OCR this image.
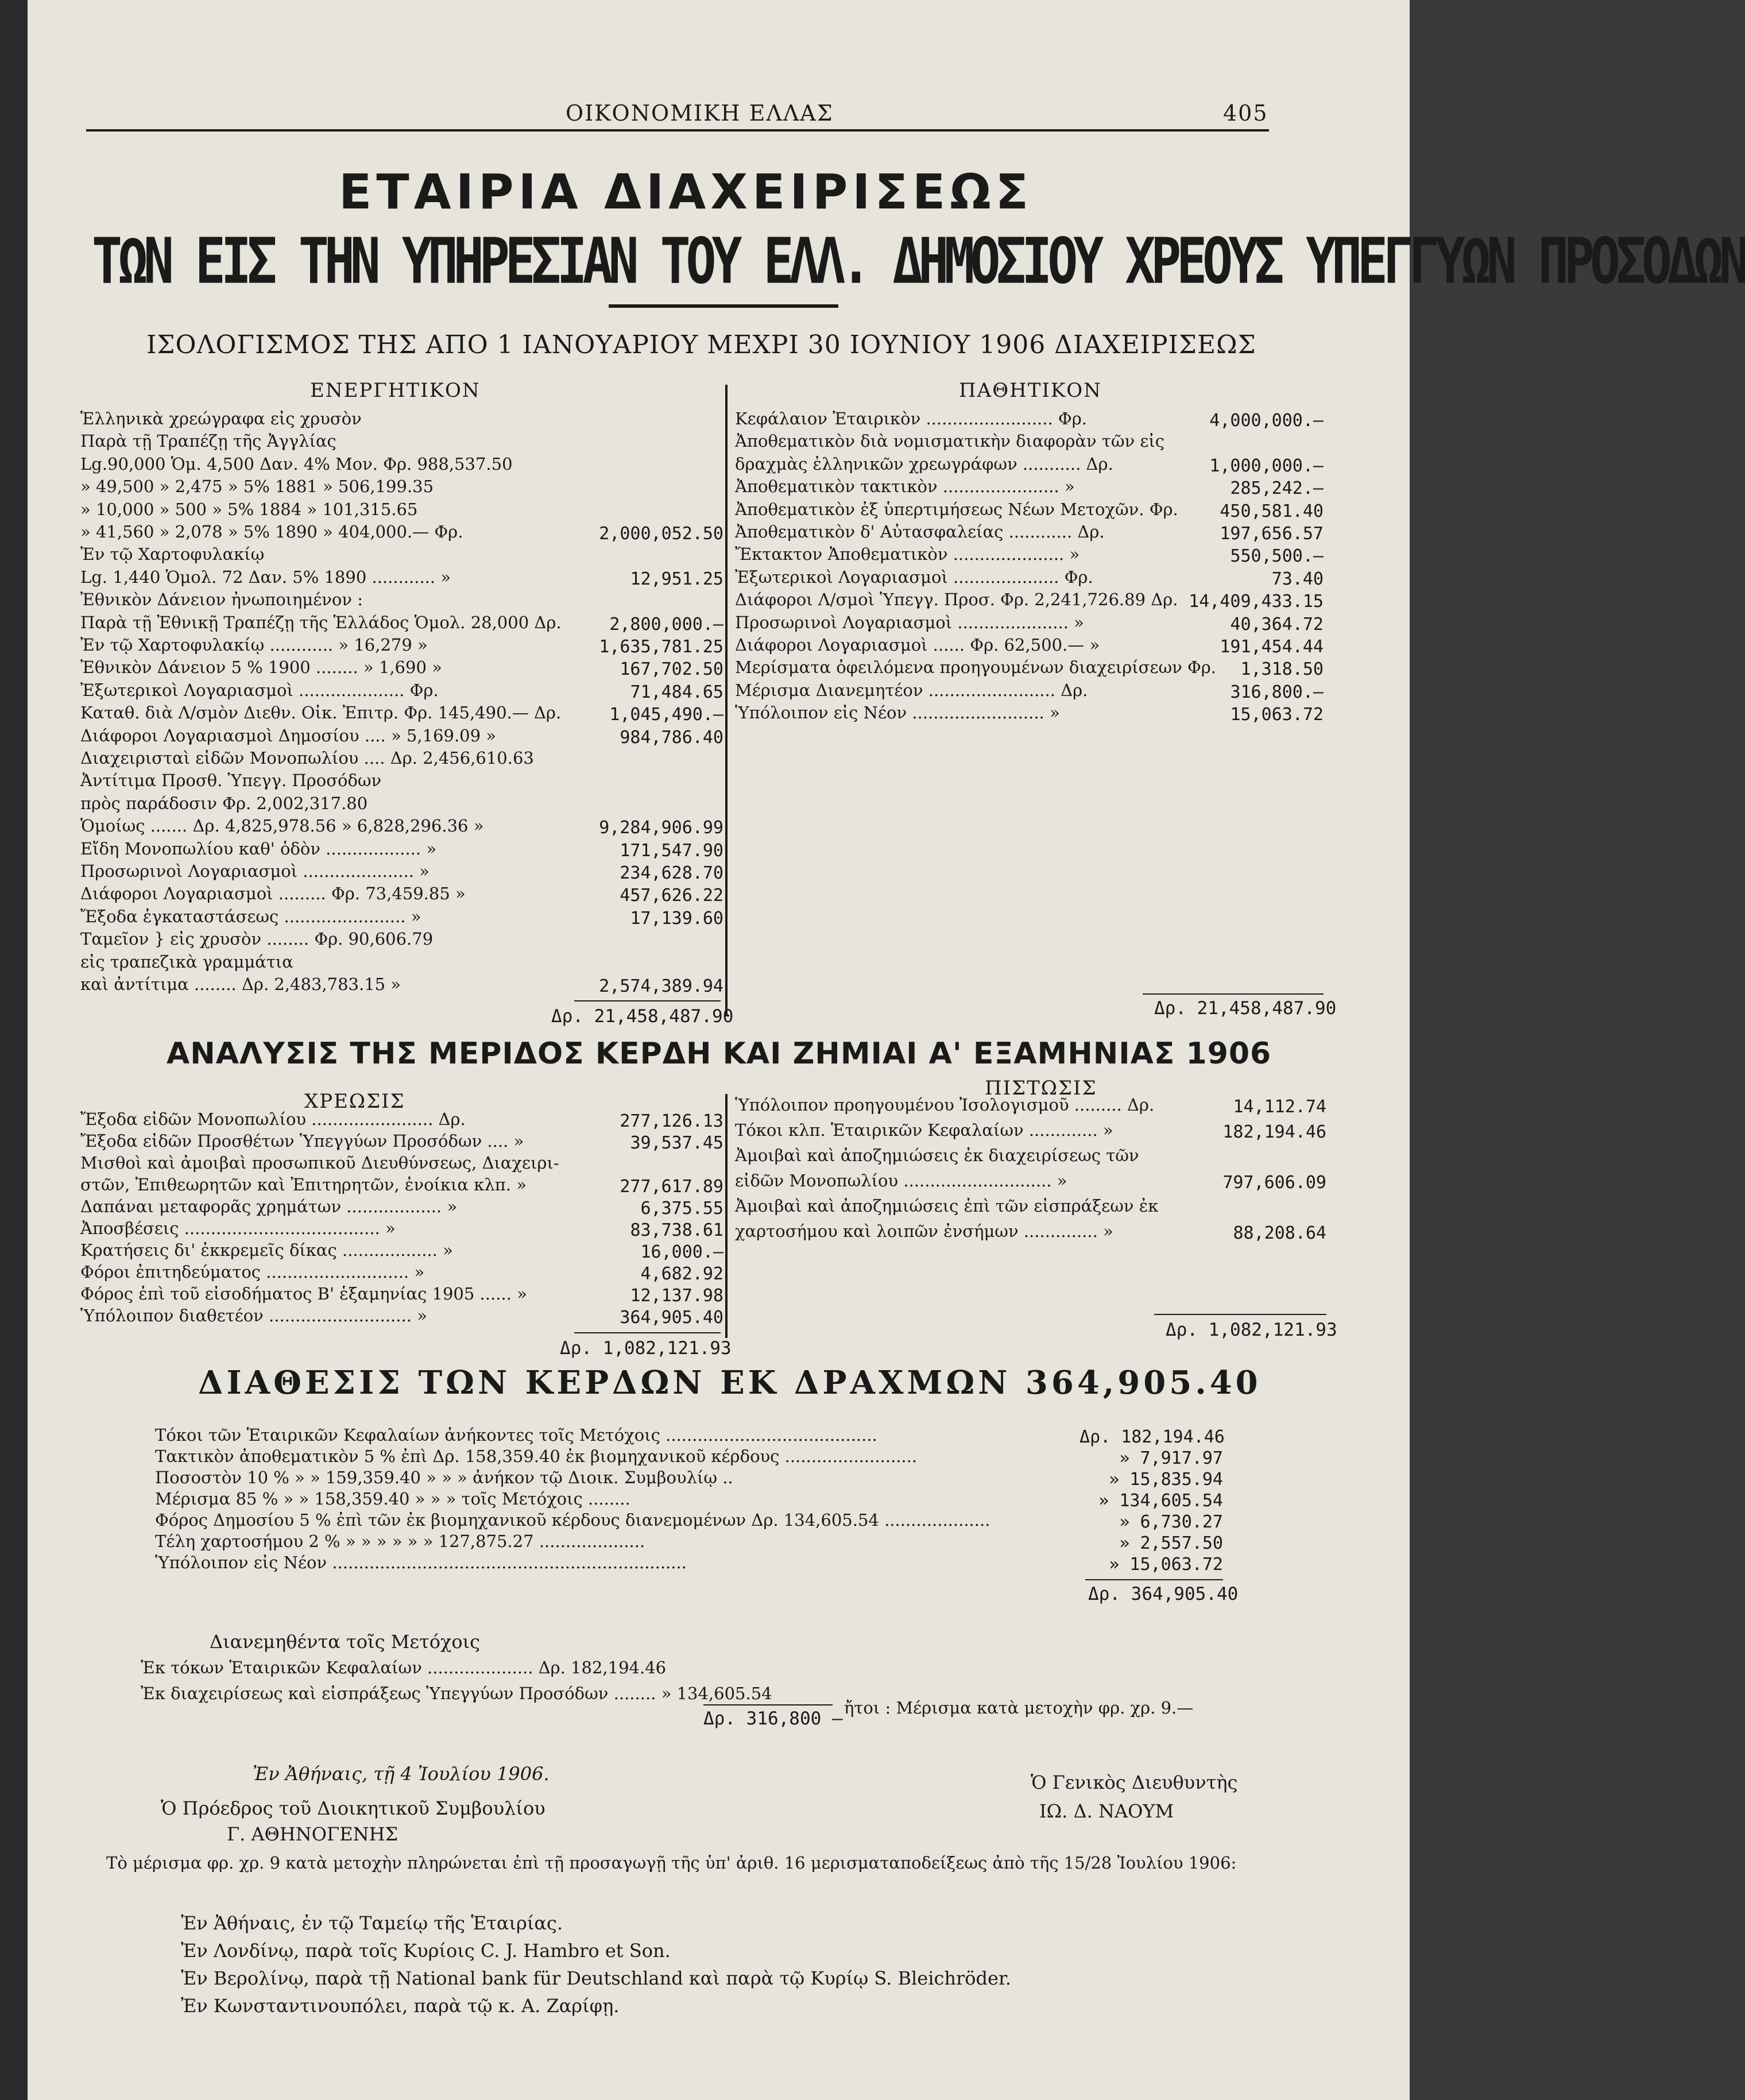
ΟΙΚΟΝΟΜΙΚΗ ΕΛΛΑΣ	405
ΕΤΑΙΡΙΑ ΔΙΑΧΕΙΡΙΣΕΩΣ
ΤΩΝ ΕΙΣ ΤΗΝ ΥΠΗΡΕΣΙΑΝ ΤΟΥ ΕΛΛ. ΔΗΜΟΣΙΟΥ ΧΡΕΟΥΣ ΥΠΕΓΓΥΩΝ ΠΡΟΣΟΔΩΝ
ΙΣΟΛΟΓΙΣΜΟΣ ΤΗΣ ΑΠΟ 1 ΙΑΝΟΥΑΡΙΟΥ ΜΕΧΡΙ 30 ΙΟΥΝΙΟΥ 1906 ΔΙΑΧΕΙΡΙΣΕΩΣ
ΕΝΕΡΓΗΤΙΚΟΝ	ΠΑΘΗΤΙΚΟΝ
Ἑλληνικὰ χρεώγραφα εἰς χρυσὸν
Παρὰ τῇ Τραπέζῃ τῆς Ἀγγλίας
Lg.90,000 Ὁμ. 4,500 Δαν. 4% Μον. Φρ. 988,537.50
» 49,500 » 2,475 » 5% 1881 » 506,199.35
» 10,000 » 500 » 5% 1884 » 101,315.65
» 41,560 » 2,078 » 5% 1890 » 404,000.— Φρ.	2,000,052.50
Ἐν τῷ Χαρτοφυλακίῳ
Lg. 1,440 Ὁμολ. 72 Δαν. 5% 1890 ............ »	12,951.25
Ἐθνικὸν Δάνειον ἠνωποιημένον :
Παρὰ τῇ Ἐθνικῇ Τραπέζῃ τῆς Ἑλλάδος Ὁμολ. 28,000 Δρ.	2,800,000.—
Ἐν τῷ Χαρτοφυλακίῳ ............ » 16,279 »	1,635,781.25
Ἐθνικὸν Δάνειον 5 % 1900 ........ » 1,690 »	167,702.50
Ἐξωτερικοὶ Λογαριασμοὶ .................... Φρ.	71,484.65
Καταθ. διὰ Λ/σμὸν Διεθν. Οἰκ. Ἐπιτρ. Φρ. 145,490.— Δρ.	1,045,490.—
Διάφοροι Λογαριασμοὶ Δημοσίου .... » 5,169.09 »	984,786.40
Διαχειρισταὶ εἰδῶν Μονοπωλίου .... Δρ. 2,456,610.63
Ἀντίτιμα Προσθ. Ὑπεγγ. Προσόδων
πρὸς παράδοσιν Φρ. 2,002,317.80
Ὁμοίως ....... Δρ. 4,825,978.56 » 6,828,296.36 »	9,284,906.99
Εἴδη Μονοπωλίου καθ' ὁδὸν .................. »	171,547.90
Προσωρινοὶ Λογαριασμοὶ ..................... »	234,628.70
Διάφοροι Λογαριασμοὶ ......... Φρ. 73,459.85 »	457,626.22
Ἔξοδα ἐγκαταστάσεως ....................... »	17,139.60
Ταμεῖον } εἰς χρυσὸν ........ Φρ. 90,606.79
εἰς τραπεζικὰ γραμμάτια
καὶ ἀντίτιμα ........ Δρ. 2,483,783.15 »	2,574,389.94
Κεφάλαιον Ἑταιρικὸν ........................ Φρ.	4,000,000.—
Ἀποθεματικὸν διὰ νομισματικὴν διαφορὰν τῶν εἰς
δραχμὰς ἑλληνικῶν χρεωγράφων ........... Δρ.	1,000,000.—
Ἀποθεματικὸν τακτικὸν ...................... »	285,242.—
Ἀποθεματικὸν ἐξ ὑπερτιμήσεως Νέων Μετοχῶν. Φρ.	450,581.40
Ἀποθεματικὸν δ' Αὐτασφαλείας ............ Δρ.	197,656.57
Ἔκτακτον Ἀποθεματικὸν ..................... »	550,500.—
Ἐξωτερικοὶ Λογαριασμοὶ .................... Φρ.	73.40
Διάφοροι Λ/σμοὶ Ὑπεγγ. Προσ. Φρ. 2,241,726.89 Δρ. 14,409,433.15
Προσωρινοὶ Λογαριασμοὶ ..................... »	40,364.72
Διάφοροι Λογαριασμοὶ ...... Φρ. 62,500.— »	191,454.44
Μερίσματα ὀφειλόμενα προηγουμένων διαχειρίσεων Φρ.	1,318.50
Μέρισμα Διανεμητέον ........................ Δρ.	316,800.—
Ὑπόλοιπον εἰς Νέον ......................... »	15,063.72
Δρ. 21,458,487.90	Δρ. 21,458,487.90
ΑΝΑΛΥΣΙΣ ΤΗΣ ΜΕΡΙΔΟΣ ΚΕΡΔΗ ΚΑΙ ΖΗΜΙΑΙ Α' ΕΞΑΜΗΝΙΑΣ 1906
ΧΡΕΩΣΙΣ
ΠΙΣΤΩΣΙΣ
Ἔξοδα εἰδῶν Μονοπωλίου ....................... Δρ.	277,126.13
Ἔξοδα εἰδῶν Προσθέτων Ὑπεγγύων Προσόδων .... »	39,537.45
Μισθοὶ καὶ ἀμοιβαὶ προσωπικοῦ Διευθύνσεως, Διαχειρι-
στῶν, Ἐπιθεωρητῶν καὶ Ἐπιτηρητῶν, ἐνοίκια κλπ. »	277,617.89
Δαπάναι μεταφορᾶς χρημάτων .................. »	6,375.55
Ἀποσβέσεις ..................................... »	83,738.61
Κρατήσεις δι' ἐκκρεμεῖς δίκας .................. »	16,000.—
Φόροι ἐπιτηδεύματος ........................... »	4,682.92
Φόρος ἐπὶ τοῦ εἰσοδήματος Β' ἑξαμηνίας 1905 ...... »	12,137.98
Ὑπόλοιπον διαθετέον ........................... »	364,905.40
Ὑπόλοιπον προηγουμένου Ἰσολογισμοῦ ......... Δρ.	14,112.74
Τόκοι κλπ. Ἑταιρικῶν Κεφαλαίων ............. »	182,194.46
Ἀμοιβαὶ καὶ ἀποζημιώσεις ἐκ διαχειρίσεως τῶν
εἰδῶν Μονοπωλίου ............................ »	797,606.09
Ἀμοιβαὶ καὶ ἀποζημιώσεις ἐπὶ τῶν εἰσπράξεων ἐκ
χαρτοσήμου καὶ λοιπῶν ἐνσήμων .............. »	88,208.64
Δρ. 1,082,121.93
Δρ. 1,082,121.93
ΔΙΑΘΕΣΙΣ ΤΩΝ ΚΕΡΔΩΝ ΕΚ ΔΡΑΧΜΩΝ 364,905.40
Τόκοι τῶν Ἑταιρικῶν Κεφαλαίων ἀνήκοντες τοῖς Μετόχοις ........................................	Δρ. 182,194.46
Τακτικὸν ἀποθεματικὸν 5 % ἐπὶ Δρ. 158,359.40 ἐκ βιομηχανικοῦ κέρδους .........................	» 7,917.97
Ποσοστὸν 10 % » » 159,359.40 » » » ἀνήκον τῷ Διοικ. Συμβουλίῳ ..	» 15,835.94
Μέρισμα 85 % » » 158,359.40 » » » τοῖς Μετόχοις ........	» 134,605.54
Φόρος Δημοσίου 5 % ἐπὶ τῶν ἐκ βιομηχανικοῦ κέρδους διανεμομένων Δρ. 134,605.54 ....................	» 6,730.27
Τέλη χαρτοσήμου 2 % » » » » » » 127,875.27 ....................	» 2,557.50
Ὑπόλοιπον εἰς Νέον ...................................................................	» 15,063.72
Δρ. 364,905.40
Διανεμηθέντα τοῖς Μετόχοις
Ἐκ τόκων Ἑταιρικῶν Κεφαλαίων .................... Δρ. 182,194.46
Ἐκ διαχειρίσεως καὶ εἰσπράξεως Ὑπεγγύων Προσόδων ........ » 134,605.54
Δρ. 316,800 —
ἤτοι : Μέρισμα κατὰ μετοχὴν φρ. χρ. 9.—
Ἐν Ἀθήναις, τῇ 4 Ἰουλίου 1906.
Ὁ Πρόεδρος τοῦ Διοικητικοῦ Συμβουλίου
Γ. ΑΘΗΝΟΓΕΝΗΣ
Ὁ Γενικὸς Διευθυντὴς
ΙΩ. Δ. ΝΑΟΥΜ
Τὸ μέρισμα φρ. χρ. 9 κατὰ μετοχὴν πληρώνεται ἐπὶ τῇ προσαγωγῇ τῆς ὑπ' ἀριθ. 16 μερισματαποδείξεως ἀπὸ τῆς 15/28 Ἰουλίου 1906:
Ἐν Ἀθήναις, ἐν τῷ Ταμείῳ τῆς Ἑταιρίας.
Ἐν Λονδίνῳ, παρὰ τοῖς Κυρίοις C. J. Hambro et Son.
Ἐν Βερολίνῳ, παρὰ τῇ National bank für Deutschland καὶ παρὰ τῷ Κυρίῳ S. Bleichröder.
Ἐν Κωνσταντινουπόλει, παρὰ τῷ κ. Α. Ζαρίφῃ.
